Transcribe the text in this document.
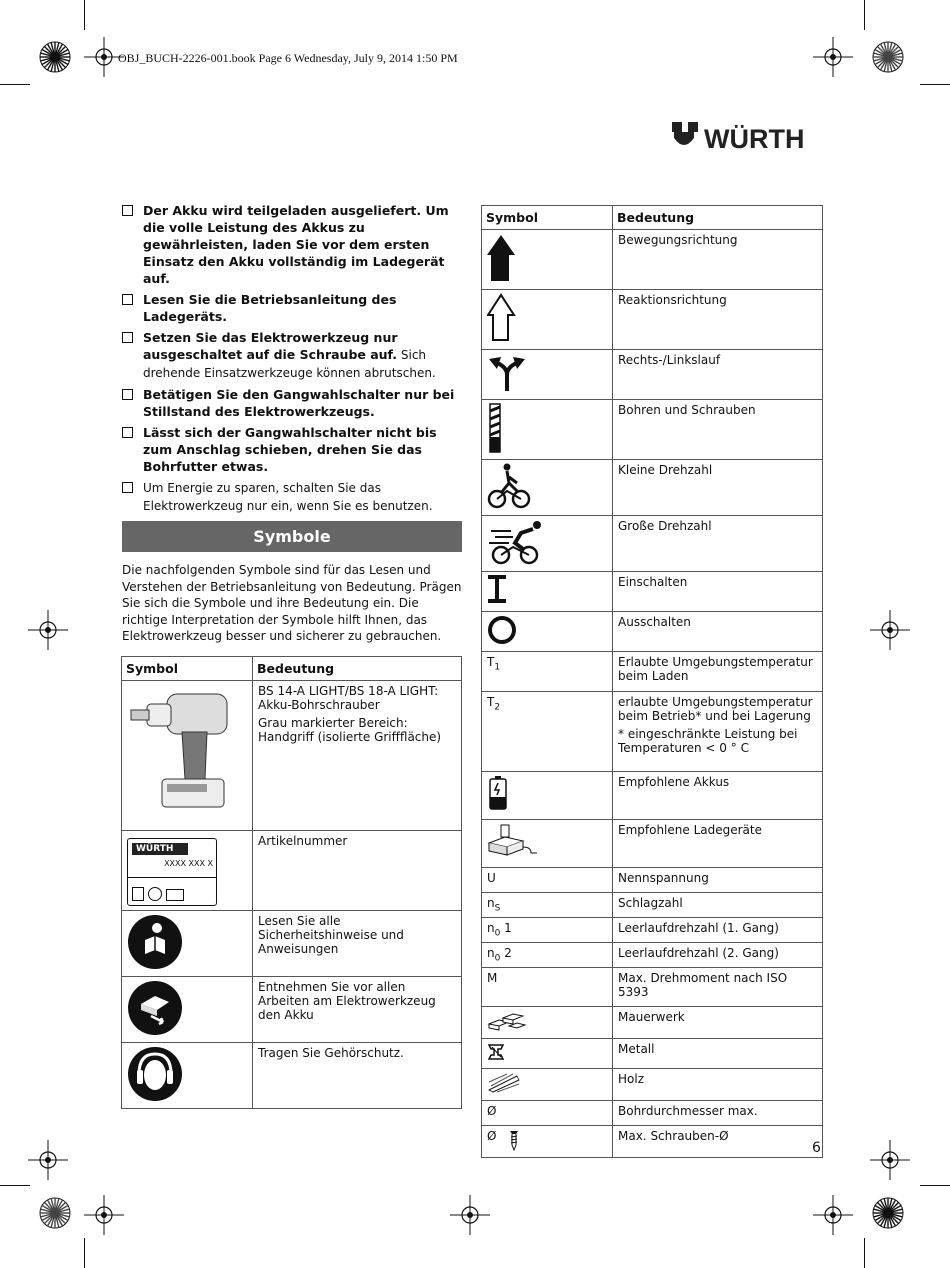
OBJ_BUCH-2226-001.book Page 6 Wednesday, July 9, 2014 1:50 PM
WÜRTH
Der Akku wird teilgeladen ausgeliefert. Um die volle Leistung des Akkus zu gewährleisten, laden Sie vor dem ersten Einsatz den Akku vollständig im Ladegerät auf.
Lesen Sie die Betriebsanleitung des Ladegeräts.
Setzen Sie das Elektrowerkzeug nur ausgeschaltet auf die Schraube auf. Sich drehende Einsatzwerkzeuge können abrutschen.
Betätigen Sie den Gangwahlschalter nur bei Stillstand des Elektrowerkzeugs.
Lässt sich der Gangwahlschalter nicht bis zum Anschlag schieben, drehen Sie das Bohrfutter etwas.
Um Energie zu sparen, schalten Sie das Elektrowerkzeug nur ein, wenn Sie es benutzen.
Symbole
Die nachfolgenden Symbole sind für das Lesen und Verstehen der Betriebsanleitung von Bedeutung. Prägen Sie sich die Symbole und ihre Bedeutung ein. Die richtige Interpretation der Symbole hilft Ihnen, das Elektrowerkzeug besser und sicherer zu gebrauchen.
Symbol	Bedeutung

BS 14-A LIGHT/BS 18-A LIGHT: Akku-Bohrschrauber

Grau markierter Bereich: Handgriff (isolierte Grifffläche)

WÜRTH
XXXX XXX X	Artikelnummer

Lesen Sie alle Sicherheitshinweise und Anweisungen

Entnehmen Sie vor allen Arbeiten am Elektrowerkzeug den Akku

Tragen Sie Gehörschutz.

Symbol	Bedeutung

Bewegungsrichtung

Reaktionsrichtung

Rechts-/Linkslauf

Bohren und Schrauben

Kleine Drehzahl

Große Drehzahl

Einschalten

Ausschalten

$T_1$	Erlaubte Umgebungstemperatur beim Laden

$T_2$	erlaubte Umgebungstemperatur beim Betrieb* und bei Lagerung

* eingeschränkte Leistung bei Temperaturen < 0 ° C

Empfohlene Akkus

Empfohlene Ladegeräte

U	Nennspannung

$n_S$	Schlagzahl

$n_0$ 1	Leerlaufdrehzahl (1. Gang)

$n_0$ 2	Leerlaufdrehzahl (2. Gang)

M	Max. Drehmoment nach ISO 5393

Mauerwerk

Metall

Holz

Ø	Bohrdurchmesser max.

Ø	Max. Schrauben-Ø

6
